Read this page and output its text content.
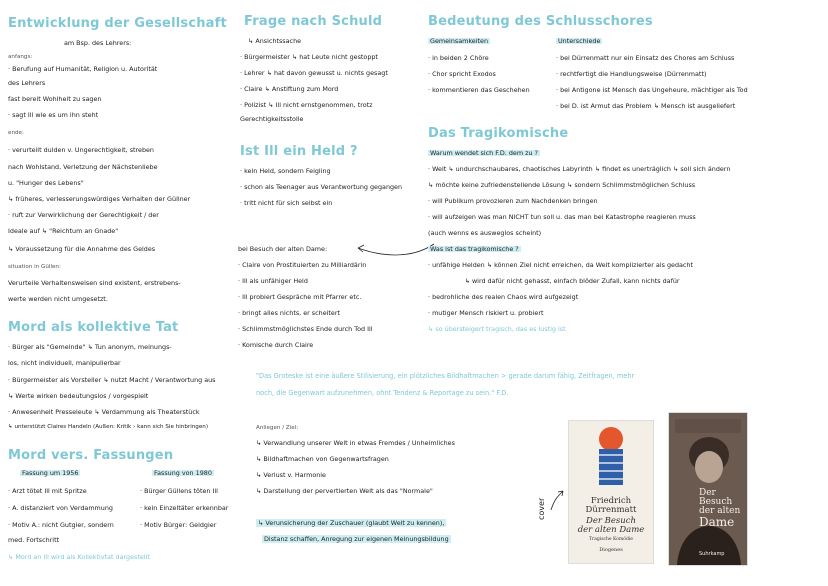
Entwicklung der Gesellschaft
am Bsp. des Lehrers:
anfangs:
· Berufung auf Humanität, Religion u. Autorität
des Lehrers
fast bereit Wohlheit zu sagen
· sagt Ill wie es um ihn steht
ende:
· verurteilt dulden v. Ungerechtigkeit, streben
nach Wohlstand, Verletzung der Nächstenliebe
u. "Hunger des Lebens"
↳ früheres, verlesserungswürdiges Verhalten der Güllner
· ruft zur Verwirklichung der Gerechtigkeit / der
Ideale auf ↳ "Reichtum an Gnade"
↳ Voraussetzung für die Annahme des Geldes
situation in Güllen:
Verurteile Verhaltensweisen sind existent, erstrebens-
werte werden nicht umgesetzt.
Mord als kollektive Tat
· Bürger als "Gemeinde" ↳ Tun anonym, meinungs-
los, nicht individuell, manipulierbar
· Bürgermeister als Vorsteller ↳ nutzt Macht / Verantwortung aus
↳ Werte wirken bedeutungslos / vorgespielt
· Anwesenheit Presseleute ↳ Verdammung als Theaterstück
↳ unterstützt Claires Handeln (Außen: Kritik › kann sich Sie hinbringen)
Mord vers. Fassungen
Fassung um 1956	Fassung von 1980
· Arzt tötet Ill mit Spritze
· A. distanziert von Verdammung
· Motiv A.: nicht Gutgier, sondern
med. Fortschritt
· Bürger Güllens töten Ill
· kein Einzeltäter erkennbar
· Motiv Bürger: Geldgier
↳ Mord an Ill wird als Kollektivtat dargestellt
Frage nach Schuld
↳ Ansichtssache
· Bürgermeister ↳ hat Leute nicht gestoppt
· Lehrer ↳ hat davon gewusst u. nichts gesagt
· Claire ↳ Anstiftung zum Mord
· Polizist ↳ Ill nicht ernstgenommen, trotz
Gerechtigkeitsstolle
Ist Ill ein Held ?
· kein Held, sondern Feigling
· schon als Teenager aus Verantwortung gegangen
· tritt nicht für sich selbst ein
bei Besuch der alten Dame:
· Claire von Prostituierten zu Milliardärin
· Ill als unfähiger Held
· Ill probiert Gespräche mit Pfarrer etc.
· bringt alles nichts, er scheitert
· Schlimmstmöglichstes Ende durch Tod Ill
· Komische durch Claire
Anliegen / Ziel:
↳ Verwandlung unserer Welt in etwas Fremdes / Unheimliches
↳ Bildhaftmachen von Gegenwartsfragen
↳ Verlust v. Harmonie
↳ Darstellung der pervertierten Welt als das "Normale"
↳ Verunsicherung der Zuschauer (glaubt Welt zu kennen),
Distanz schaffen, Anregung zur eigenen Meinungsbildung
Bedeutung des Schlusschores
Gemeinsamkeiten	Unterschiede
· in beiden 2 Chöre
· Chor spricht Exodos
· kommentieren das Geschehen
· bei Dürrenmatt nur ein Einsatz des Chores am Schluss
· rechtfertigt die Handlungsweise (Dürrenmatt)
· bei Antigone ist Mensch das Ungeheure, mächtiger als Tod
· bei D. ist Armut das Problem ↳ Mensch ist ausgeliefert
Das Tragikomische
Warum wendet sich F.D. dem zu ?
· Welt ↳ undurchschaubares, chaotisches Labyrinth ↳ findet es unerträglich ↳ soll sich ändern
↳ möchte keine zufriedenstellende Lösung ↳ sondern Schlimmstmöglichen Schluss
· will Publikum provozieren zum Nachdenken bringen
· will aufzeigen was man NICHT tun soll u. das man bei Katastrophe reagieren muss
(auch wenns es ausweglos scheint)
Was ist das tragikomische ?
· unfähige Helden ↳ können Ziel nicht erreichen, da Welt komplizierter als gedacht
↳ wird dafür nicht gehasst, einfach blöder Zufall, kann nichts dafür
· bedrohliche des realen Chaos wird aufgezeigt
· mutiger Mensch riskiert u. probiert
↳ so übersteigert tragisch, das es lustig ist
"Das Groteske ist eine äußere Stilisierung, ein plötzliches Bildhaftmachen > gerade darum fähig, Zeitfragen, mehr
noch, die Gegenwart aufzunehmen, ohnt Tendenz & Reportage zu sein." F.D.
cover	Friedrich
Dürrenmatt
Der Besuch
der alten Dame
Tragische Komödie
Diogenes
Der
Besuch
der alten
Dame
Suhrkamp
